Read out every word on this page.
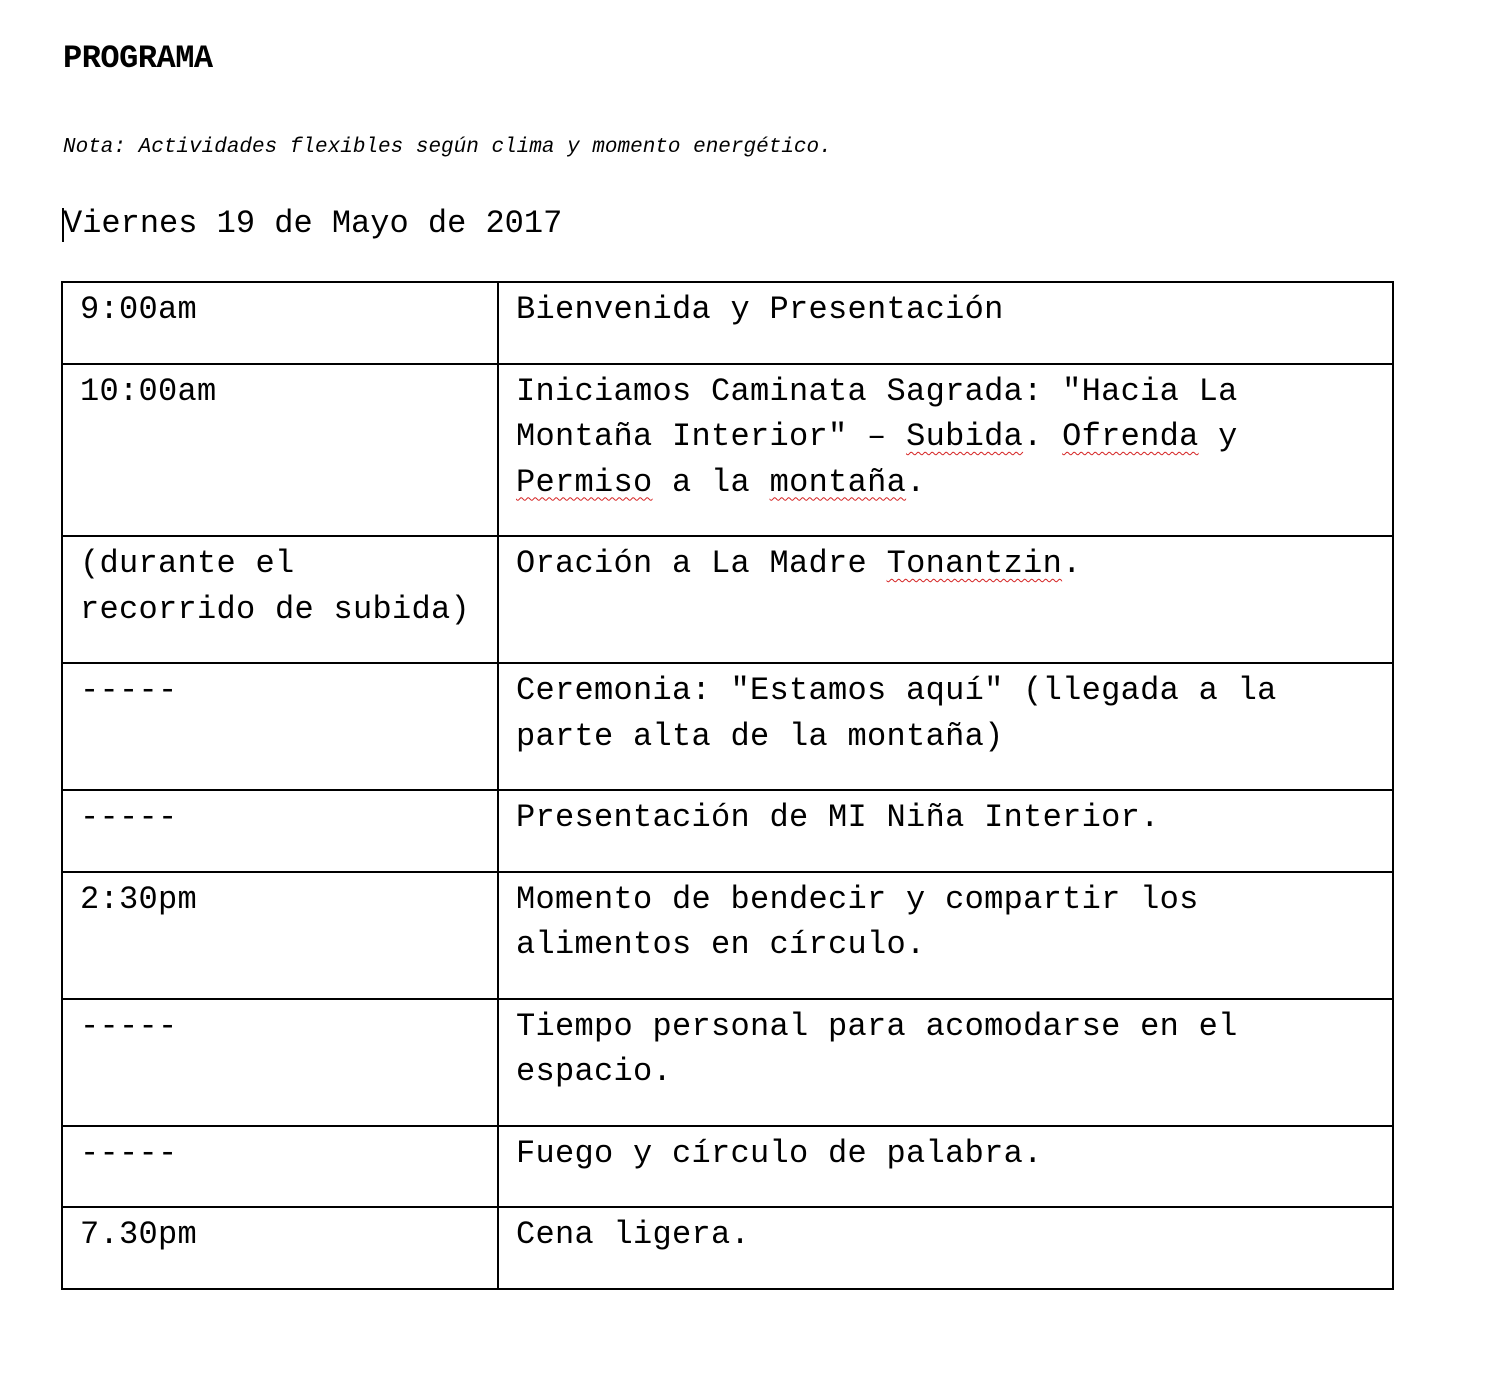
PROGRAMA

Nota: Actividades flexibles según clima y momento energético.

Viernes 19 de Mayo de 2017

9:00am	Bienvenida y Presentación
10:00am	Iniciamos Caminata Sagrada: "Hacia La Montaña Interior" – Subida. Ofrenda y Permiso a la montaña.
(durante el recorrido de subida)	Oración a La Madre Tonantzin.
-----	Ceremonia: "Estamos aquí" (llegada a la parte alta de la montaña)
-----	Presentación de MI Niña Interior.
2:30pm	Momento de bendecir y compartir los alimentos en círculo.
-----	Tiempo personal para acomodarse en el espacio.
-----	Fuego y círculo de palabra.
7.30pm	Cena ligera.
